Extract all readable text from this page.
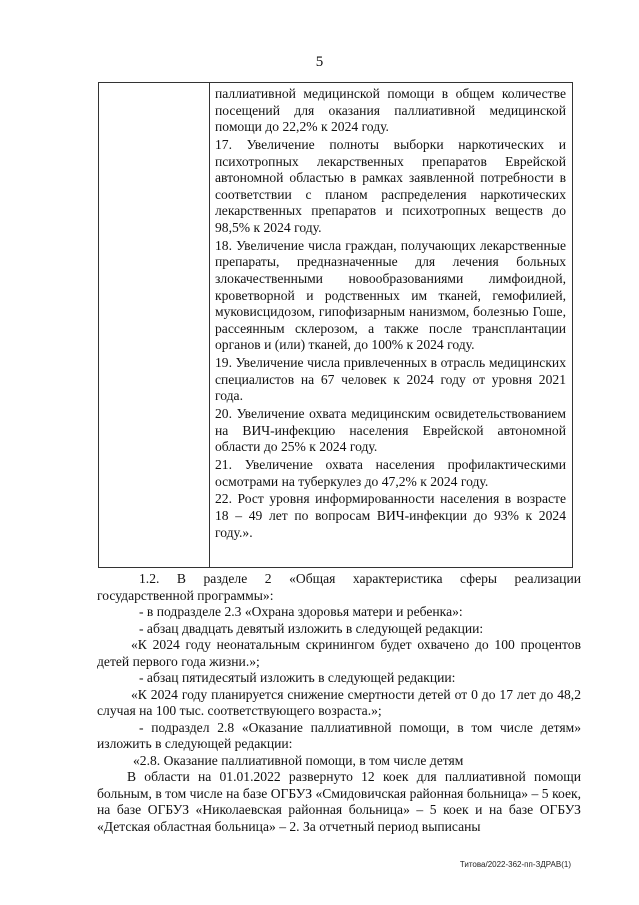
5

паллиативной медицинской помощи в общем количестве посещений для оказания паллиативной медицинской помощи до 22,2% к 2024 году.

17. Увеличение полноты выборки наркотических и психотропных лекарственных препаратов Еврейской автономной областью в рамках заявленной потребности в соответствии с планом распределения наркотических лекарственных препаратов и психотропных веществ до 98,5% к 2024 году.

18. Увеличение числа граждан, получающих лекарственные препараты, предназначенные для лечения больных злокачественными новообразованиями лимфоидной, кроветворной и родственных им тканей, гемофилией, муковисцидозом, гипофизарным нанизмом, болезнью Гоше, рассеянным склерозом, а также после трансплантации органов и (или) тканей, до 100% к 2024 году.

19. Увеличение числа привлеченных в отрасль медицинских специалистов на 67 человек к 2024 году от уровня 2021 года.

20. Увеличение охвата медицинским освидетельствованием на ВИЧ-инфекцию населения Еврейской автономной области до 25% к 2024 году.

21. Увеличение охвата населения профилактическими осмотрами на туберкулез до 47,2% к 2024 году.

22. Рост уровня информированности населения в возрасте 18 – 49 лет по вопросам ВИЧ-инфекции до 93% к 2024 году.».

1.2. В разделе 2 «Общая характеристика сферы реализации государственной программы»:

- в подразделе 2.3 «Охрана здоровья матери и ребенка»:

- абзац двадцать девятый изложить в следующей редакции:

«К 2024 году неонатальным скринингом будет охвачено до 100 процентов детей первого года жизни.»;

- абзац пятидесятый изложить в следующей редакции:

«К 2024 году планируется снижение смертности детей от 0 до 17 лет до 48,2 случая на 100 тыс. соответствующего возраста.»;

- подраздел 2.8 «Оказание паллиативной помощи, в том числе детям» изложить в следующей редакции:

«2.8. Оказание паллиативной помощи, в том числе детям

В области на 01.01.2022 развернуто 12 коек для паллиативной помощи больным, в том числе на базе ОГБУЗ «Смидовичская районная больница» – 5 коек, на базе ОГБУЗ «Николаевская районная больница» – 5 коек и на базе ОГБУЗ «Детская областная больница» – 2. За отчетный период выписаны

Титова/2022-362-пп-ЗДРАВ(1)
